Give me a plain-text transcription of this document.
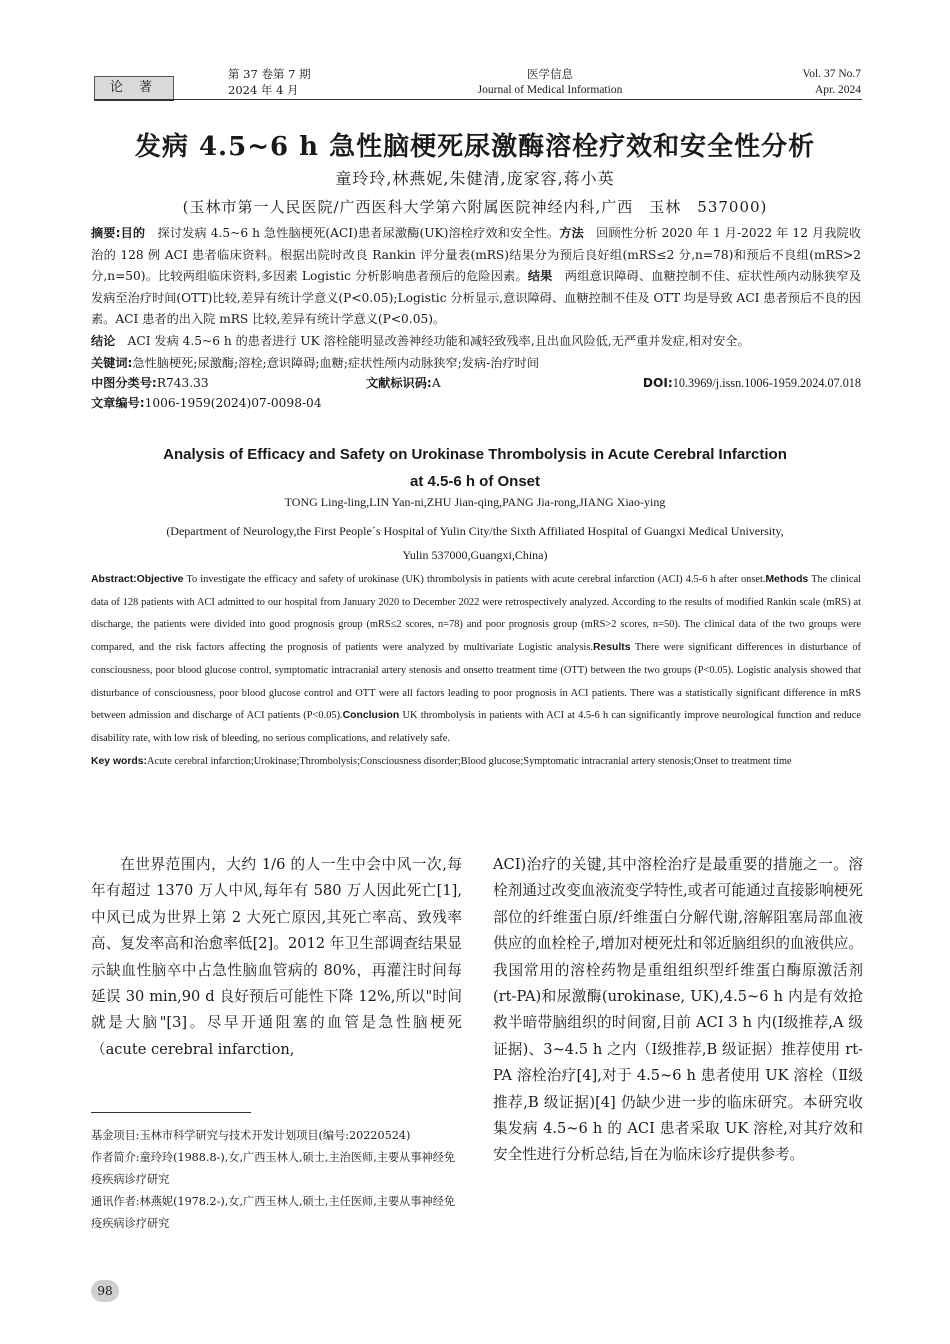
论 著
第 37 卷第 7 期
2024 年 4 月
医学信息
Journal of Medical Information
Vol. 37 No.7
Apr. 2024
发病 4.5~6 h 急性脑梗死尿激酶溶栓疗效和安全性分析
童玲玲,林燕妮,朱健清,庞家容,蒋小英
(玉林市第一人民医院/广西医科大学第六附属医院神经内科,广西　玉林　537000)
摘要:目的　探讨发病 4.5~6 h 急性脑梗死(ACI)患者尿激酶(UK)溶栓疗效和安全性。方法　回顾性分析 2020 年 1 月-2022 年 12 月我院收治的 128 例 ACI 患者临床资料。根据出院时改良 Rankin 评分量表(mRS)结果分为预后良好组(mRS≤2 分,n=78)和预后不良组(mRS>2 分,n=50)。比较两组临床资料,多因素 Logistic 分析影响患者预后的危险因素。结果　两组意识障碍、血糖控制不佳、症状性颅内动脉狭窄及发病至治疗时间(OTT)比较,差异有统计学意义(P<0.05);Logistic 分析显示,意识障碍、血糖控制不佳及 OTT 均是导致 ACI 患者预后不良的因素。ACI 患者的出入院 mRS 比较,差异有统计学意义(P<0.05)。
结论　ACI 发病 4.5~6 h 的患者进行 UK 溶栓能明显改善神经功能和减轻致残率,且出血风险低,无严重并发症,相对安全。
关键词:急性脑梗死;尿激酶;溶栓;意识障碍;血糖;症状性颅内动脉狭窄;发病-治疗时间
中图分类号:R743.33	文献标识码:A	DOI:10.3969/j.issn.1006-1959.2024.07.018
文章编号:1006-1959(2024)07-0098-04
Analysis of Efficacy and Safety on Urokinase Thrombolysis in Acute Cerebral Infarction
at 4.5-6 h of Onset
TONG Ling-ling,LIN Yan-ni,ZHU Jian-qing,PANG Jia-rong,JIANG Xiao-ying
(Department of Neurology,the First People´s Hospital of Yulin City/the Sixth Affiliated Hospital of Guangxi Medical University,
Yulin 537000,Guangxi,China)
Abstract:Objective To investigate the efficacy and safety of urokinase (UK) thrombolysis in patients with acute cerebral infarction (ACI) 4.5-6 h after onset.Methods The clinical data of 128 patients with ACI admitted to our hospital from January 2020 to December 2022 were retrospectively analyzed. According to the results of modified Rankin scale (mRS) at discharge, the patients were divided into good prognosis group (mRS≤2 scores, n=78) and poor prognosis group (mRS>2 scores, n=50). The clinical data of the two groups were compared, and the risk factors affecting the prognosis of patients were analyzed by multivariate Logistic analysis.Results There were significant differences in disturbance of consciousness, poor blood glucose control, symptomatic intracranial artery stenosis and onsetto treatment time (OTT) between the two groups (P<0.05). Logistic analysis showed that disturbance of consciousness, poor blood glucose control and OTT were all factors leading to poor prognosis in ACI patients. There was a statistically significant difference in mRS between admission and discharge of ACI patients (P<0.05).Conclusion UK thrombolysis in patients with ACI at 4.5-6 h can significantly improve neurological function and reduce disability rate, with low risk of bleeding, no serious complications, and relatively safe.
Key words:Acute cerebral infarction;Urokinase;Thrombolysis;Consciousness disorder;Blood glucose;Symptomatic intracranial artery stenosis;Onset to treatment time
在世界范围内，大约 1/6 的人一生中会中风一次,每年有超过 1370 万人中风,每年有 580 万人因此死亡[1],中风已成为世界上第 2 大死亡原因,其死亡率高、致残率高、复发率高和治愈率低[2]。2012 年卫生部调查结果显示缺血性脑卒中占急性脑血管病的 80%，再灌注时间每延误 30 min,90 d 良好预后可能性下降 12%,所以"时间就是大脑"[3]。尽早开通阻塞的血管是急性脑梗死（acute cerebral infarction,
ACI)治疗的关键,其中溶栓治疗是最重要的措施之一。溶栓剂通过改变血液流变学特性,或者可能通过直接影响梗死部位的纤维蛋白原/纤维蛋白分解代谢,溶解阻塞局部血液供应的血栓栓子,增加对梗死灶和邻近脑组织的血液供应。我国常用的溶栓药物是重组组织型纤维蛋白酶原激活剂(rt-PA)和尿激酶(urokinase, UK),4.5~6 h 内是有效抢救半暗带脑组织的时间窗,目前 ACI 3 h 内(Ⅰ级推荐,A 级证据)、3~4.5 h 之内（Ⅰ级推荐,B 级证据）推荐使用 rt-PA 溶栓治疗[4],对于 4.5~6 h 患者使用 UK 溶栓（Ⅱ级推荐,B 级证据)[4] 仍缺少进一步的临床研究。本研究收集发病 4.5~6 h 的 ACI 患者采取 UK 溶栓,对其疗效和安全性进行分析总结,旨在为临床诊疗提供参考。
基金项目:玉林市科学研究与技术开发计划项目(编号:20220524)
作者简介:童玲玲(1988.8-),女,广西玉林人,硕士,主治医师,主要从事神经免疫疾病诊疗研究
通讯作者:林燕妮(1978.2-),女,广西玉林人,硕士,主任医师,主要从事神经免疫疾病诊疗研究
98
